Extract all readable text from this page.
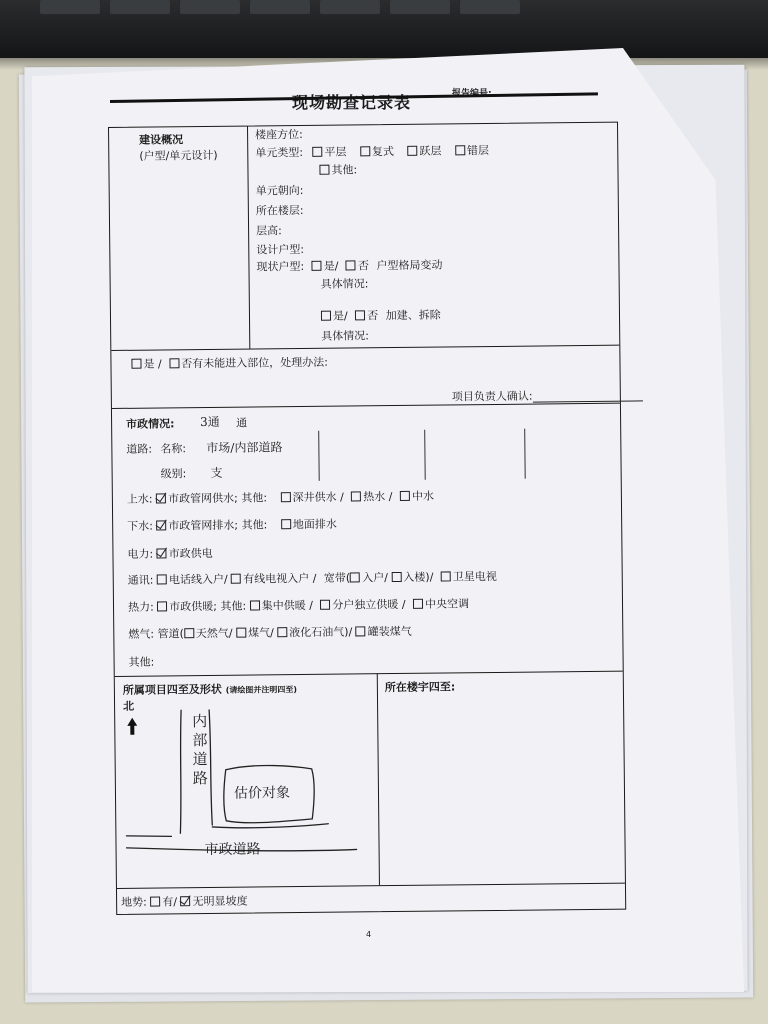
现场勘查记录表	报告编号:
建设概况
(户型/单元设计)
楼座方位:
单元类型: 平层 复式 跃层 错层
其他:
单元朝向:
所在楼层:
层高:
设计户型:
现状户型: 是/ 否 户型格局变动
具体情况:
是/ 否 加建、拆除
具体情况:
是 / 否有未能进入部位，处理办法:
项目负责人确认:
市政情况: 3通 通
道路: 名称: 市场/内部道路
级别: 支
上水: 市政管网供水; 其他: 深井供水 / 热水 / 中水
下水: 市政管网排水; 其他: 地面排水
电力: 市政供电
通讯: 电话线入户/ 有线电视入户 / 宽带( 入户/ 入楼)/ 卫星电视
热力: 市政供暖; 其他: 集中供暖 / 分户独立供暖 / 中央空调
燃气: 管道( 天然气/ 煤气/ 液化石油气)/ 罐装煤气
其他:
所属项目四至及形状 (请绘图并注明四至)	所在楼宇四至:
北
内部道路
估价对象
市政道路
地势: 有/ 无明显坡度
4
